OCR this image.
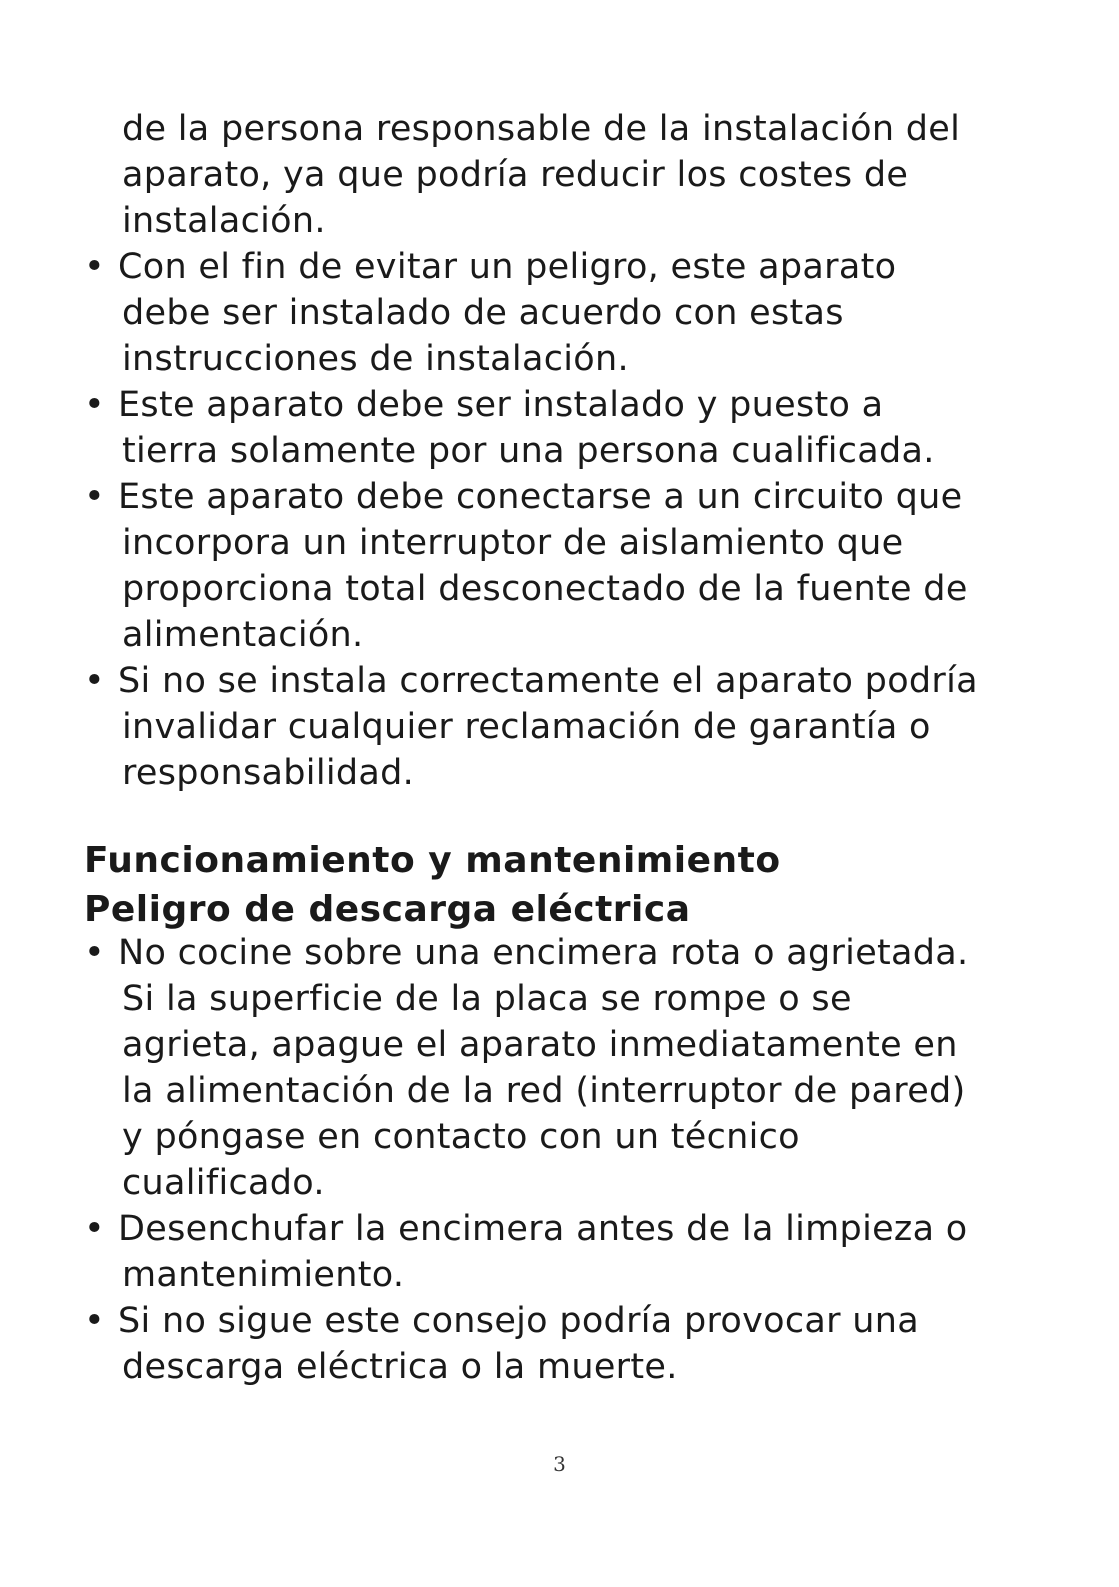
de la persona responsable de la instalación del
aparato, ya que podría reducir los costes de
instalación.
• Con el fin de evitar un peligro, este aparato
debe ser instalado de acuerdo con estas
instrucciones de instalación.
• Este aparato debe ser instalado y puesto a
tierra solamente por una persona cualificada.
• Este aparato debe conectarse a un circuito que
incorpora un interruptor de aislamiento que
proporciona total desconectado de la fuente de
alimentación.
• Si no se instala correctamente el aparato podría
invalidar cualquier reclamación de garantía o
responsabilidad.
Funcionamiento y mantenimiento
Peligro de descarga eléctrica
• No cocine sobre una encimera rota o agrietada.
Si la superficie de la placa se rompe o se
agrieta, apague el aparato inmediatamente en
la alimentación de la red (interruptor de pared)
y póngase en contacto con un técnico
cualificado.
• Desenchufar la encimera antes de la limpieza o
mantenimiento.
• Si no sigue este consejo podría provocar una
descarga eléctrica o la muerte.
3
